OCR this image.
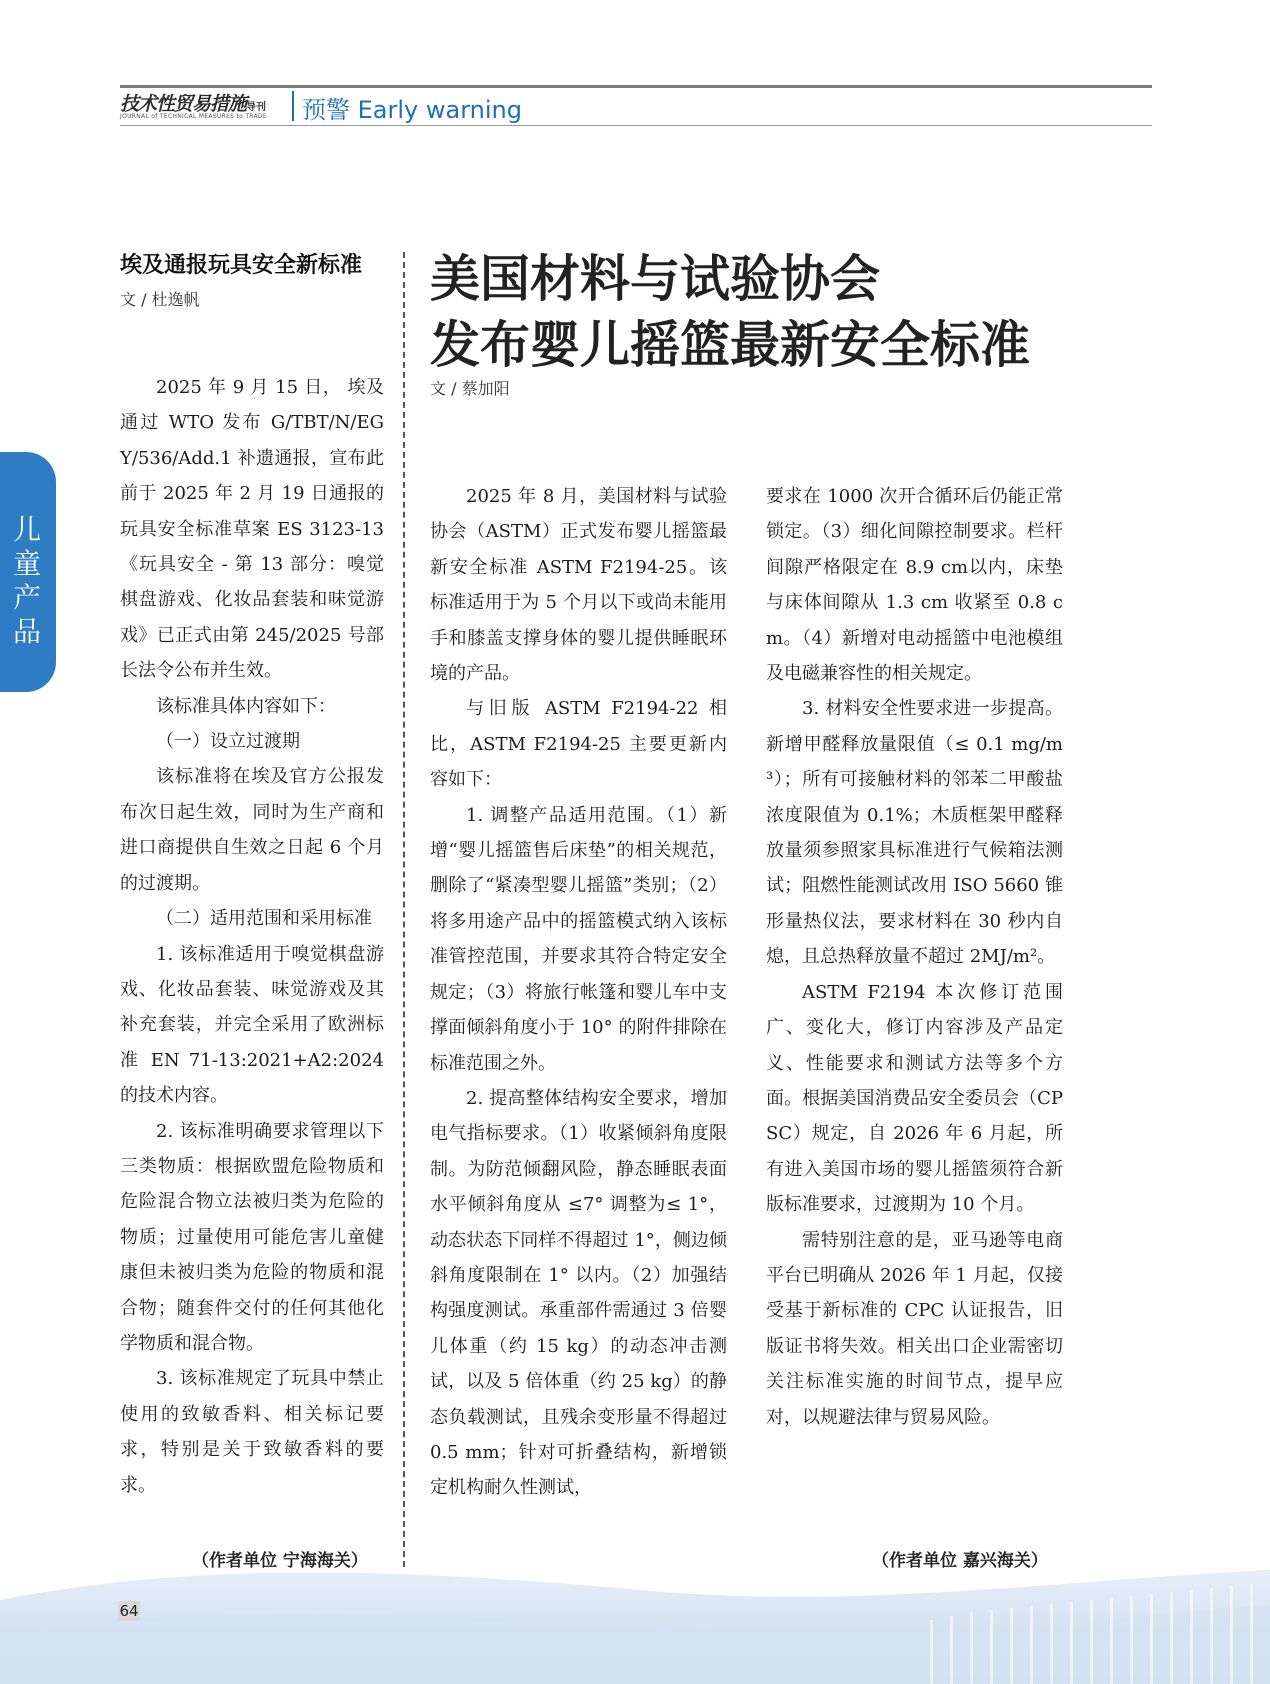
技术性贸易措施导刊
JOURNAL of TECHNICAL MEASURES to TRADE 预警 Early warning
儿童产品
埃及通报玩具安全新标准
文 / 杜逸帆

2025 年 9 月 15 日， 埃及通过 WTO 发布 G/TBT/N/EGY/536/Add.1 补遗通报，宣布此前于 2025 年 2 月 19 日通报的玩具安全标准草案 ES 3123-13《玩具安全 - 第 13 部分：嗅觉棋盘游戏、化妆品套装和味觉游戏》已正式由第 245/2025 号部长法令公布并生效。

该标准具体内容如下：

（一）设立过渡期

该标准将在埃及官方公报发布次日起生效，同时为生产商和进口商提供自生效之日起 6 个月的过渡期。

（二）适用范围和采用标准

1. 该标准适用于嗅觉棋盘游戏、化妆品套装、味觉游戏及其补充套装，并完全采用了欧洲标准 EN 71-13:2021+A2:2024 的技术内容。

2. 该标准明确要求管理以下三类物质：根据欧盟危险物质和危险混合物立法被归类为危险的物质；过量使用可能危害儿童健康但未被归类为危险的物质和混合物；随套件交付的任何其他化学物质和混合物。

3. 该标准规定了玩具中禁止使用的致敏香料、相关标记要求，特别是关于致敏香料的要求。

（作者单位 宁海海关）
美国材料与试验协会
发布婴儿摇篮最新安全标准
文 / 蔡加阳

2025 年 8 月，美国材料与试验协会（ASTM）正式发布婴儿摇篮最新安全标准 ASTM F2194-25。该标准适用于为 5 个月以下或尚未能用手和膝盖支撑身体的婴儿提供睡眠环境的产品。

与旧版 ASTM F2194-22 相比，ASTM F2194-25 主要更新内容如下：

1. 调整产品适用范围。（1）新增“婴儿摇篮售后床垫”的相关规范，删除了“紧凑型婴儿摇篮”类别；（2）将多用途产品中的摇篮模式纳入该标准管控范围，并要求其符合特定安全规定；（3）将旅行帐篷和婴儿车中支撑面倾斜角度小于 10° 的附件排除在标准范围之外。

2. 提高整体结构安全要求，增加电气指标要求。（1）收紧倾斜角度限制。为防范倾翻风险，静态睡眠表面水平倾斜角度从 ≤7° 调整为≤ 1°，动态状态下同样不得超过 1°，侧边倾斜角度限制在 1° 以内。（2）加强结构强度测试。承重部件需通过 3 倍婴儿体重（约 15 kg）的动态冲击测试，以及 5 倍体重（约 25 kg）的静态负载测试，且残余变形量不得超过 0.5 mm；针对可折叠结构，新增锁定机构耐久性测试，

要求在 1000 次开合循环后仍能正常锁定。（3）细化间隙控制要求。栏杆间隙严格限定在 8.9 cm以内，床垫与床体间隙从 1.3 cm 收紧至 0.8 cm。（4）新增对电动摇篮中电池模组及电磁兼容性的相关规定。

3. 材料安全性要求进一步提高。新增甲醛释放量限值（≤ 0.1 mg/m³）；所有可接触材料的邻苯二甲酸盐浓度限值为 0.1%；木质框架甲醛释放量须参照家具标准进行气候箱法测试；阻燃性能测试改用 ISO 5660 锥形量热仪法，要求材料在 30 秒内自熄，且总热释放量不超过 2MJ/m²。

ASTM F2194 本次修订范围广、变化大，修订内容涉及产品定义、性能要求和测试方法等多个方面。根据美国消费品安全委员会（CPSC）规定，自 2026 年 6 月起，所有进入美国市场的婴儿摇篮须符合新版标准要求，过渡期为 10 个月。

需特别注意的是，亚马逊等电商平台已明确从 2026 年 1 月起，仅接受基于新标准的 CPC 认证报告，旧版证书将失效。相关出口企业需密切关注标准实施的时间节点，提早应对，以规避法律与贸易风险。

（作者单位 嘉兴海关）
64
